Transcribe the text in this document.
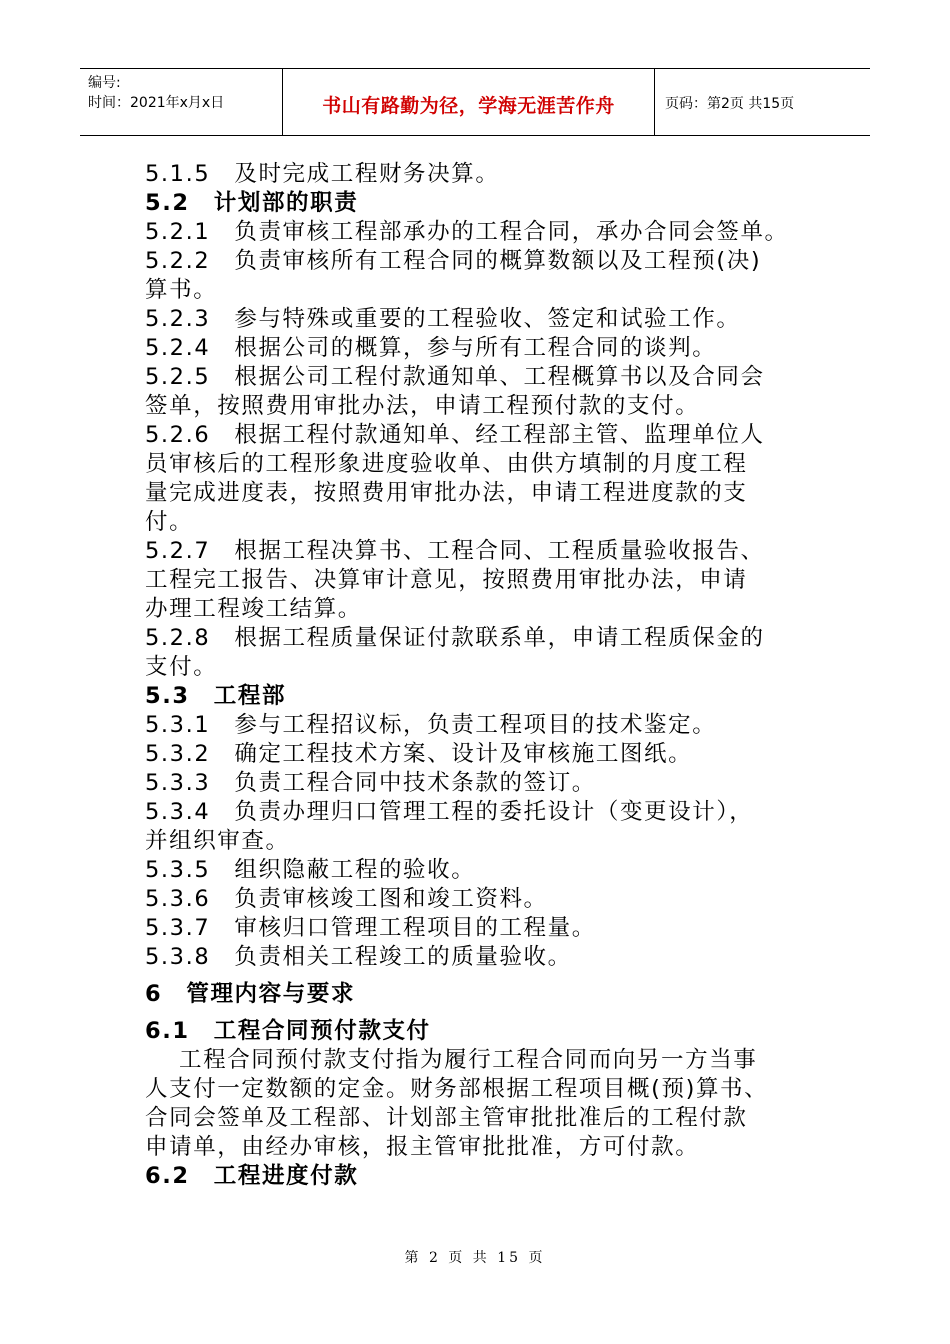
编号:
时间：2021年x月x日	书山有路勤为径，学海无涯苦作舟	页码：第2页 共15页
5.1.5　及时完成工程财务决算。
5.2　计划部的职责
5.2.1　负责审核工程部承办的工程合同，承办合同会签单。
5.2.2　负责审核所有工程合同的概算数额以及工程预(决)
算书。
5.2.3　参与特殊或重要的工程验收、签定和试验工作。
5.2.4　根据公司的概算，参与所有工程合同的谈判。
5.2.5　根据公司工程付款通知单、工程概算书以及合同会
签单，按照费用审批办法，申请工程预付款的支付。
5.2.6　根据工程付款通知单、经工程部主管、监理单位人
员审核后的工程形象进度验收单、由供方填制的月度工程
量完成进度表，按照费用审批办法，申请工程进度款的支
付。
5.2.7　根据工程决算书、工程合同、工程质量验收报告、
工程完工报告、决算审计意见，按照费用审批办法，申请
办理工程竣工结算。
5.2.8　根据工程质量保证付款联系单，申请工程质保金的
支付。
5.3　工程部
5.3.1　参与工程招议标，负责工程项目的技术鉴定。
5.3.2　确定工程技术方案、设计及审核施工图纸。
5.3.3　负责工程合同中技术条款的签订。
5.3.4　负责办理归口管理工程的委托设计（变更设计），
并组织审查。
5.3.5　组织隐蔽工程的验收。
5.3.6　负责审核竣工图和竣工资料。
5.3.7　审核归口管理工程项目的工程量。
5.3.8　负责相关工程竣工的质量验收。
6　管理内容与要求
6.1　工程合同预付款支付
工程合同预付款支付指为履行工程合同而向另一方当事
人支付一定数额的定金。财务部根据工程项目概(预)算书、
合同会签单及工程部、计划部主管审批批准后的工程付款
申请单，由经办审核，报主管审批批准，方可付款。
6.2　工程进度付款
第 2 页 共 15 页
